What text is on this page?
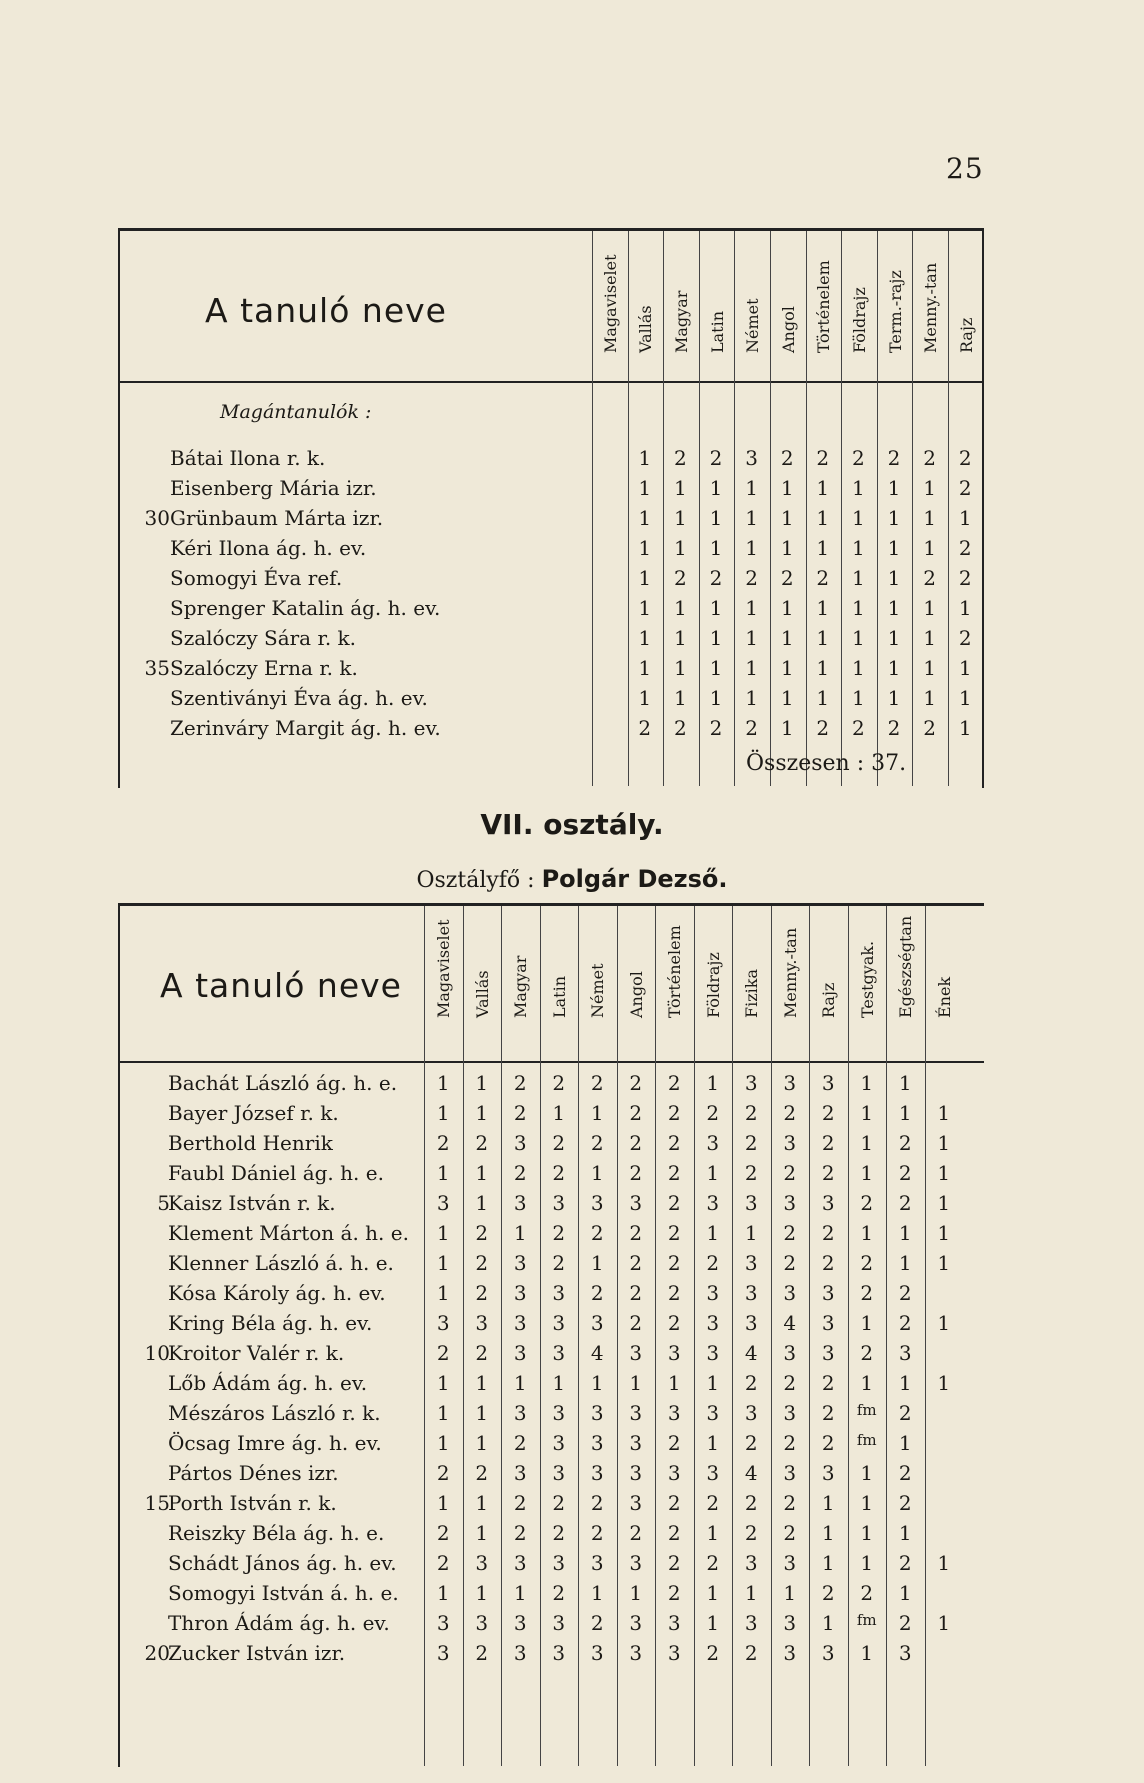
25
A tanuló neve
Magántanulók :
Magaviselet Vallás Magyar Latin Német Angol Történelem Földrajz Term.-rajz Menny.-tan Rajz
Bátai Ilona r. k.	1	2	2	3	2	2	2	2	2	2
Eisenberg Mária izr.	1	1	1	1	1	1	1	1	1	2
30 Grünbaum Márta izr.	1	1	1	1	1	1	1	1	1	1
Kéri Ilona ág. h. ev.	1	1	1	1	1	1	1	1	1	2
Somogyi Éva ref.	1	2	2	2	2	2	1	1	2	2
Sprenger Katalin ág. h. ev.	1	1	1	1	1	1	1	1	1	1
Szalóczy Sára r. k.	1	1	1	1	1	1	1	1	1	2
35 Szalóczy Erna r. k.	1	1	1	1	1	1	1	1	1	1
Szentiványi Éva ág. h. ev.	1	1	1	1	1	1	1	1	1	1
Zerinváry Margit ág. h. ev.	2	2	2	2	1	2	2	2	2	1
Összesen : 37.
VII. osztály.
Osztályfő : Polgár Dezső.
A tanuló neve Magaviselet Vallás Magyar Latin Német Angol Történelem Földrajz Fizika Menny.-tan Rajz Testgyak. Egészségtan Ének
Bachát László ág. h. e.	1	1	2	2	2	2	2	1	3	3	3	1	1
Bayer József r. k.	1	1	2	1	1	2	2	2	2	2	2	1	1	1
Berthold Henrik	2	2	3	2	2	2	2	3	2	3	2	1	2	1
Faubl Dániel ág. h. e.	1	1	2	2	1	2	2	1	2	2	2	1	2	1
5
Kaisz István r. k.	3	1	3	3	3	3	2	3	3	3	3	2	2	1
Klement Márton á. h. e.	1	2	1	2	2	2	2	1	1	2	2	1	1	1
Klenner László á. h. e.	1	2	3	2	1	2	2	2	3	2	2	2	1	1
Kósa Károly ág. h. ev.	1	2	3	3	2	2	2	3	3	3	3	2	2
Kring Béla ág. h. ev.	3	3	3	3	3	2	2	3	3	4	3	1	2	1
10
Kroitor Valér r. k.	2	2	3	3	4	3	3	3	4	3	3	2	3
Lőb Ádám ág. h. ev.	1	1	1	1	1	1	1	1	2	2	2	1	1	1
Mészáros László r. k.	1	1	3	3	3	3	3	3	3	3	2	fm	2
Öcsag Imre ág. h. ev.	1	1	2	3	3	3	2	1	2	2	2	fm	1
Pártos Dénes izr.	2	2	3	3	3	3	3	3	4	3	3	1	2
15
Porth István r. k.	1	1	2	2	2	3	2	2	2	2	1	1	2
Reiszky Béla ág. h. e.	2	1	2	2	2	2	2	1	2	2	1	1	1
Schádt János ág. h. ev.	2	3	3	3	3	3	2	2	3	3	1	1	2	1
Somogyi István á. h. e.	1	1	1	2	1	1	2	1	1	1	2	2	1
Thron Ádám ág. h. ev.	3	3	3	3	2	3	3	1	3	3	1	fm	2	1
20
Zucker István izr.	3	2	3	3	3	3	3	2	2	3	3	1	3
